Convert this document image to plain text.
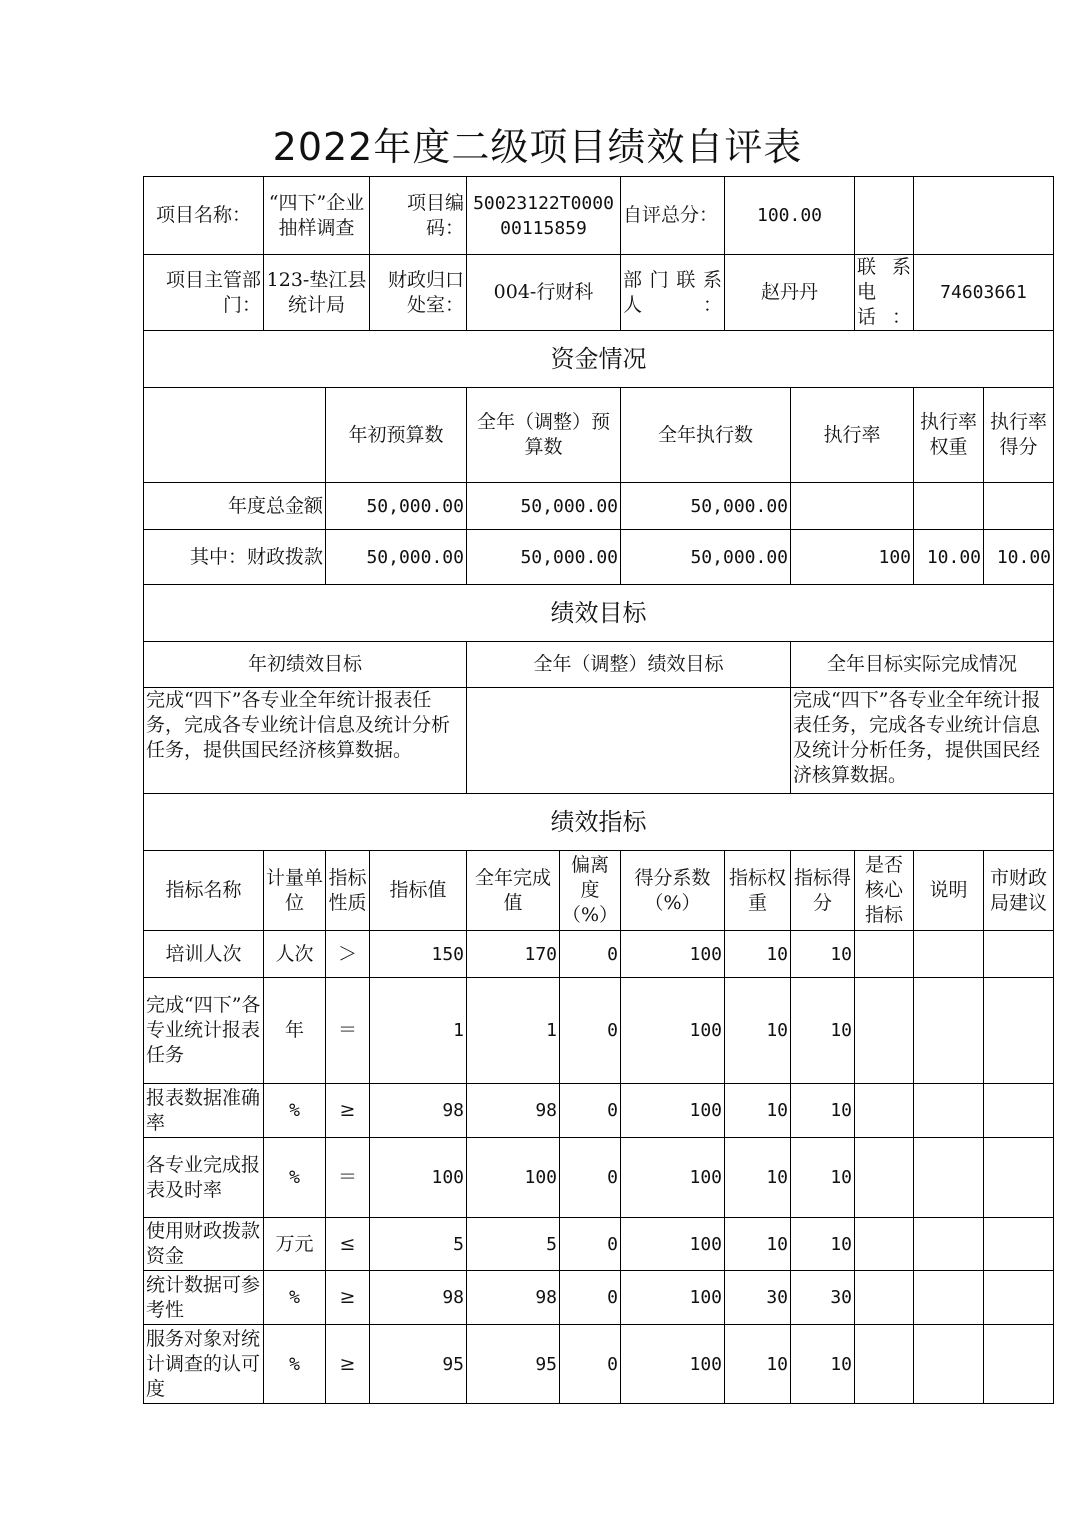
2022年度二级项目绩效自评表
项目名称：	“四下”企业抽样调查		项目编码：	50023122T000000115859		自评总分：	100.00				
项目主管部门：	123-垫江县统计局		财政归口处室：	004-行财科		部门联系人：	赵丹丹		联系电话：	74603661	
资金情况											
		年初预算数		全年（调整）预算数		全年执行数		执行率		执行率权重	执行率得分
年度总金额		50,000.00		50,000.00		50,000.00					
其中：财政拨款		50,000.00		50,000.00		50,000.00		100		10.00	10.00
绩效目标											
年初绩效目标				全年（调整）绩效目标				全年目标实际完成情况			
完成“四下”各专业全年统计报表任务，完成各专业统计信息及统计分析任务，提供国民经济核算数据。								完成“四下”各专业全年统计报表任务，完成各专业统计信息及统计分析任务，提供国民经济核算数据。			
绩效指标											
指标名称	计量单位	指标性质	指标值	全年完成值	偏离度（%）	得分系数（%）	指标权重	指标得分	是否核心指标	说明	市财政局建议
培训人次	人次	＞	150	170	0	100	10	10			
完成“四下”各专业统计报表任务	年	＝	1	1	0	100	10	10			
报表数据准确率	%	≥	98	98	0	100	10	10			
各专业完成报表及时率	%	＝	100	100	0	100	10	10			
使用财政拨款资金	万元	≤	5	5	0	100	10	10			
统计数据可参考性	%	≥	98	98	0	100	30	30			
服务对象对统计调查的认可度	%	≥	95	95	0	100	10	10			
